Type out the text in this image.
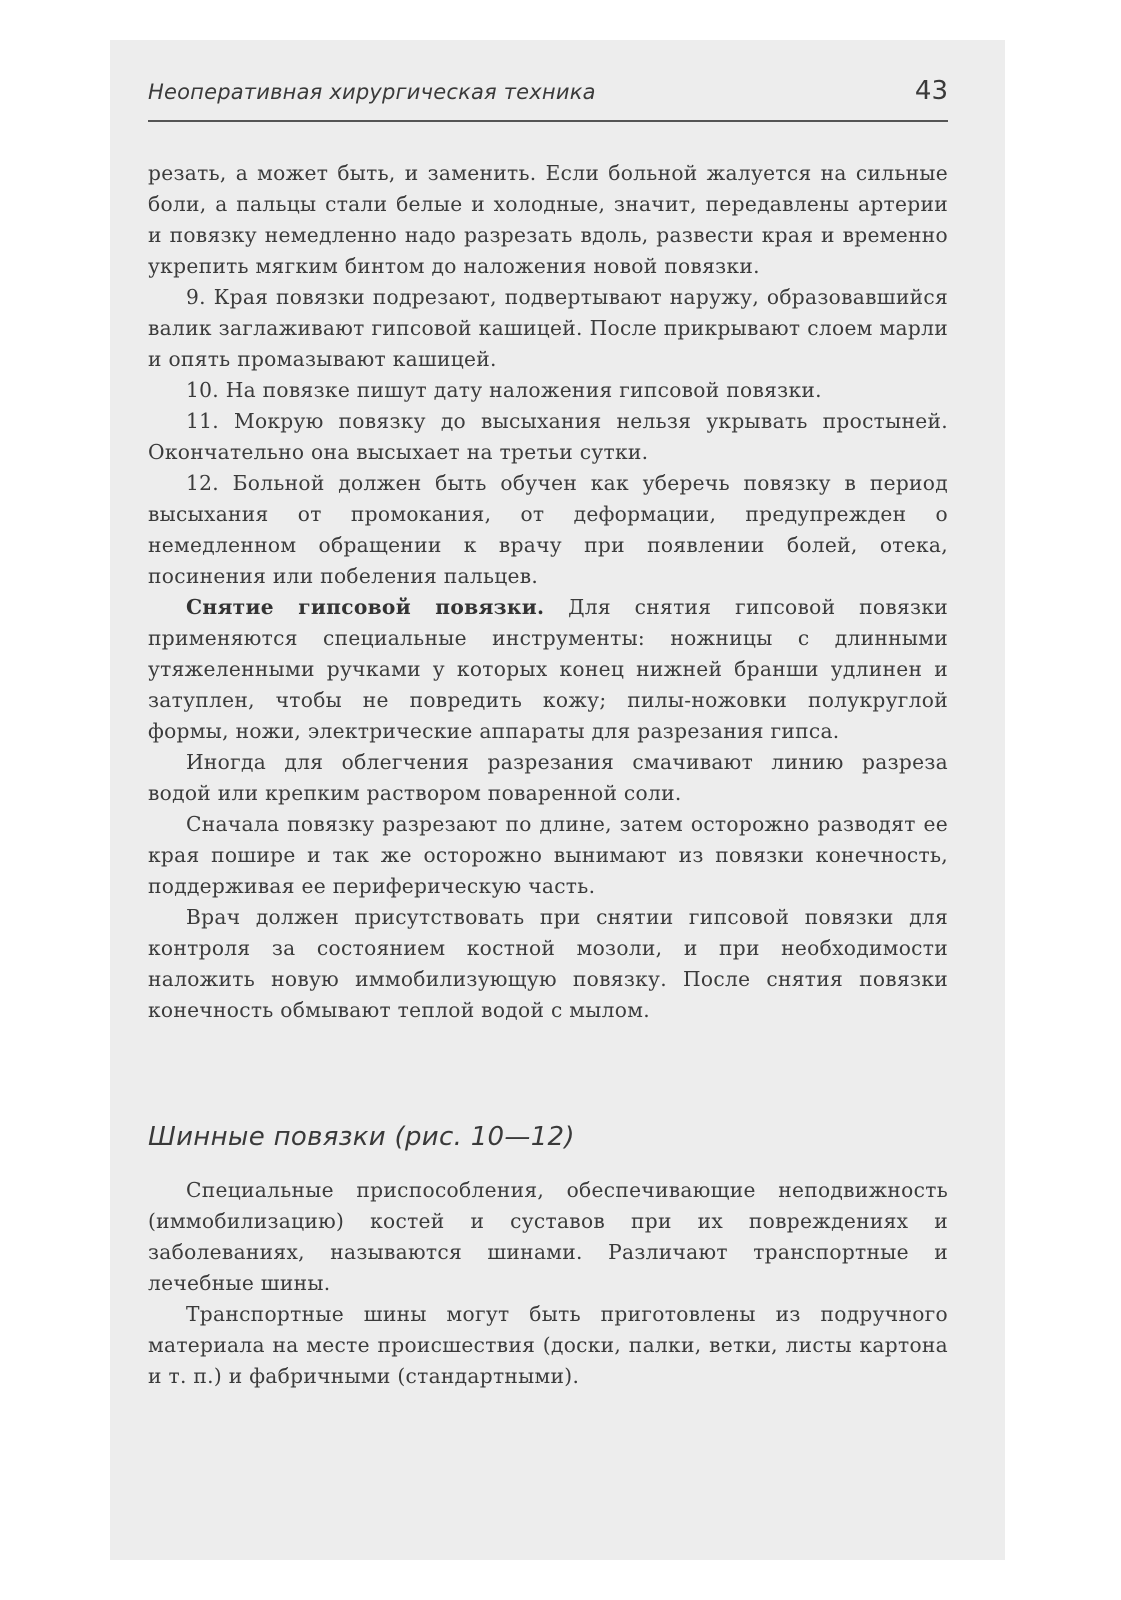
Неоперативная хирургическая техника	43

резать, а может быть, и заменить. Если больной жалуется на сильные боли, а пальцы стали белые и холодные, значит, передавлены артерии и повязку немедленно надо разрезать вдоль, развести края и временно укрепить мягким бинтом до наложения новой повязки.

9. Края повязки подрезают, подвертывают наружу, образовавшийся валик заглаживают гипсовой кашицей. После прикрывают слоем марли и опять промазывают кашицей.

10. На повязке пишут дату наложения гипсовой повязки.

11. Мокрую повязку до высыхания нельзя укрывать простыней. Окончательно она высыхает на третьи сутки.

12. Больной должен быть обучен как уберечь повязку в период высыхания от промокания, от деформации, предупрежден о немедленном обращении к врачу при появлении болей, отека, посинения или побеления пальцев.

Снятие гипсовой повязки. Для снятия гипсовой повязки применяются специальные инструменты: ножницы с длинными утяжеленными ручками у которых конец нижней бранши удлинен и затуплен, чтобы не повредить кожу; пилы-ножовки полукруглой формы, ножи, электрические аппараты для разрезания гипса.

Иногда для облегчения разрезания смачивают линию разреза водой или крепким раствором поваренной соли.

Сначала повязку разрезают по длине, затем осторожно разводят ее края пошире и так же осторожно вынимают из повязки конечность, поддерживая ее периферическую часть.

Врач должен присутствовать при снятии гипсовой повязки для контроля за состоянием костной мозоли, и при необходимости наложить новую иммобилизующую повязку. После снятия повязки конечность обмывают теплой водой с мылом.

Шинные повязки (рис. 10—12)

Специальные приспособления, обеспечивающие неподвижность (иммобилизацию) костей и суставов при их повреждениях и заболеваниях, называются шинами. Различают транспортные и лечебные шины.

Транспортные шины могут быть приготовлены из подручного материала на месте происшествия (доски, палки, ветки, листы картона и т. п.) и фабричными (стандартными).
